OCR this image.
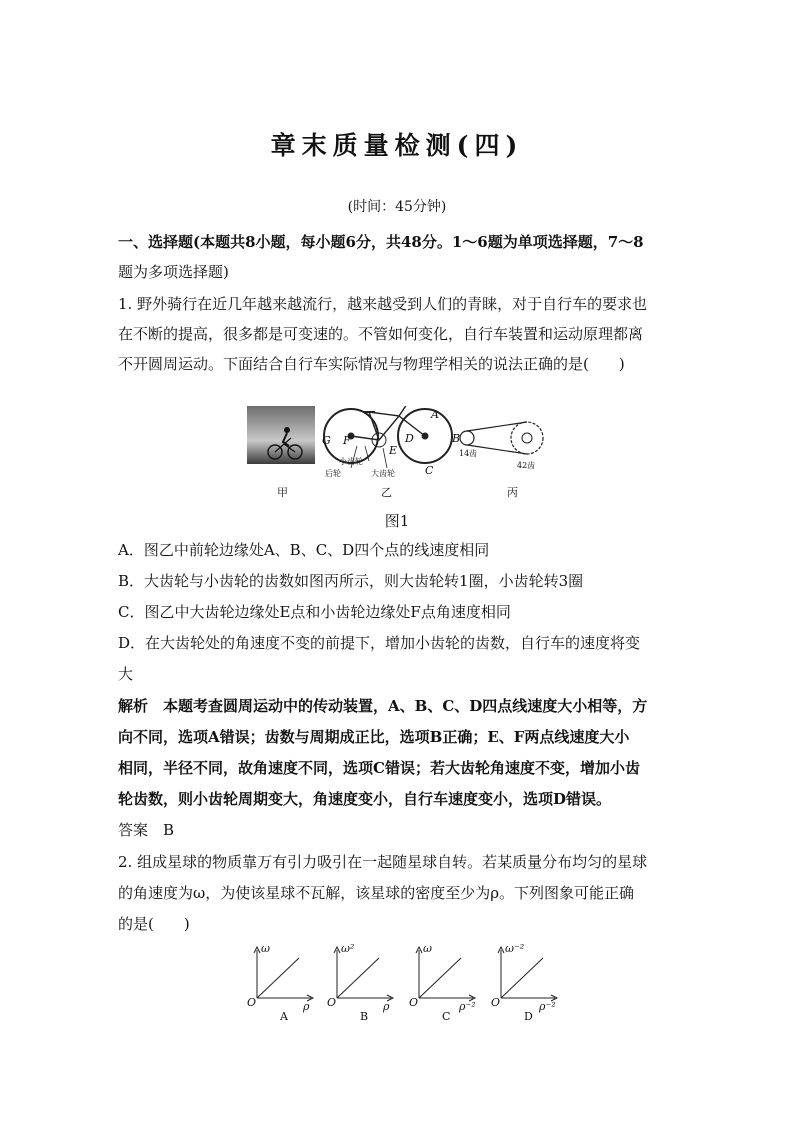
章末质量检测(四)
(时间：45分钟)
一、选择题(本题共8小题，每小题6分，共48分。1～6题为单项选择题，7～8
题为多项选择题)
1. 野外骑行在近几年越来越流行，越来越受到人们的青睐，对于自行车的要求也
在不断的提高，很多都是可变速的。不管如何变化，自行车装置和运动原理都离
不开圆周运动。下面结合自行车实际情况与物理学相关的说法正确的是(　　)
G F
E
A
D	B
C
小齿轮
后轮	大齿轮
14齿
42齿
甲	乙	丙
图1
A．图乙中前轮边缘处A、B、C、D四个点的线速度相同
B．大齿轮与小齿轮的齿数如图丙所示，则大齿轮转1圈，小齿轮转3圈
C．图乙中大齿轮边缘处E点和小齿轮边缘处F点角速度相同
D．在大齿轮处的角速度不变的前提下，增加小齿轮的齿数，自行车的速度将变
大
解析　本题考查圆周运动中的传动装置，A、B、C、D四点线速度大小相等，方
向不同，选项A错误；齿数与周期成正比，选项B正确；E、F两点线速度大小
相同，半径不同，故角速度不同，选项C错误；若大齿轮角速度不变，增加小齿
轮齿数，则小齿轮周期变大，角速度变小，自行车速度变小，选项D错误。
答案　B
2. 组成星球的物质靠万有引力吸引在一起随星球自转。若某质量分布均匀的星球
的角速度为ω，为使该星球不瓦解，该星球的密度至少为ρ。下列图象可能正确
的是(　　)
ω
ρ
O
A
ω²
ρ
O
B
ω
ρ⁻²
O
C
ω⁻²
ρ⁻²
O
D
